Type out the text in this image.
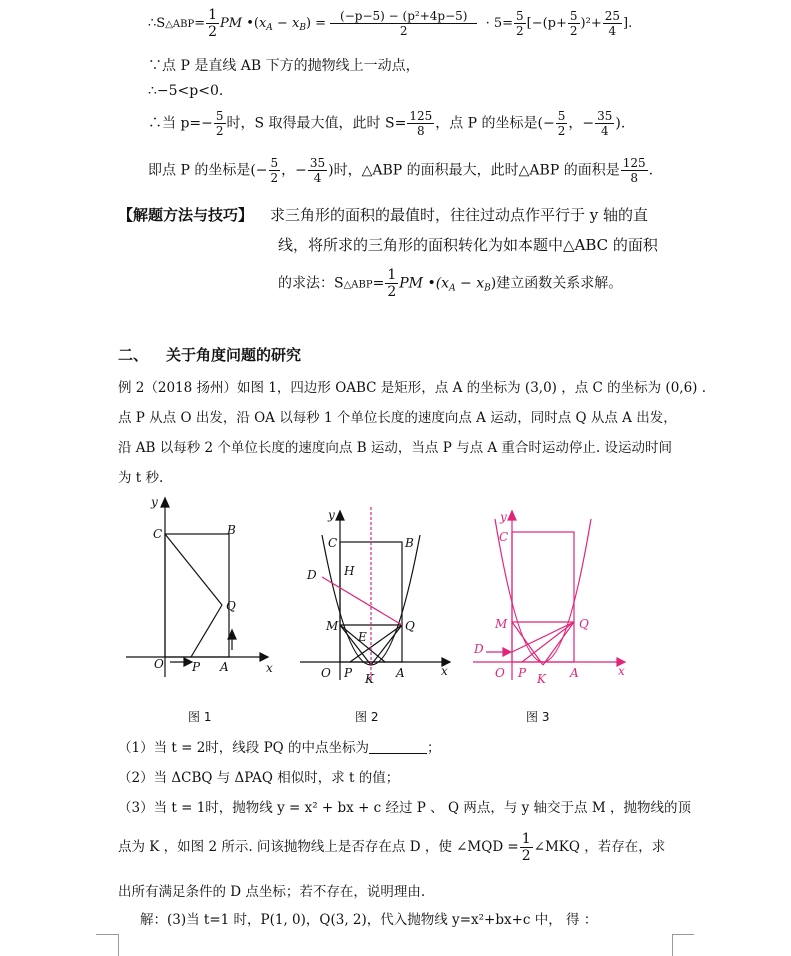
∴S△ABP= $\frac{1}{2}$ PM $•(x_A - x_B) = \frac{\text{(−p−5) − (p²+4p−5)}}{2} \cdot 5= \frac{5}{2} [-(p+ \frac{5}{2} )^2+ \frac{25}{4}$ ].
∵点 P 是直线 AB 下方的抛物线上一动点，
∴−5<p<0.
∴当 $p=- \frac{5}{2}$ 时，S 取得最大值，此时 $S= \frac{125}{8}$ ，点 P 的坐标是(− $\frac{5}{2}$ ，− $\frac{35}{4}$ ).
即点 P 的坐标是(− $\frac{5}{2}$ ，− $\frac{35}{4}$ )时，△ABP 的面积最大，此时△ABP 的面积是 $\frac{125}{8}$ .
【解题方法与技巧】 求三角形的面积的最值时，往往过动点作平行于 y 轴的直
线，将所求的三角形的面积转化为如本题中△ABC 的面积
的求法：S△ABP= $\frac{1}{2}$ PM $•(x_A - x_B)$建立函数关系求解。
二、 关于角度问题的研究
例 2（2018 扬州）如图 1，四边形 OABC 是矩形，点 A 的坐标为 (3,0) ，点 C 的坐标为 (0,6) .
点 P 从点 O 出发，沿 OA 以每秒 1 个单位长度的速度向点 A 运动，同时点 Q 从点 A 出发，
沿 AB 以每秒 2 个单位长度的速度向点 B 运动，当点 P 与点 A 重合时运动停止. 设运动时间
为 t 秒.
y
C	B
Q
O P A	x
图 1
y
C	B
D H
M	Q
E
O P K A	x
图 2
y
C
M	Q
D
O P K A	x
图 3
（1）当 t = 2时，线段 PQ 的中点坐标为	；
（2）当 ΔCBQ 与 ΔPAQ 相似时，求 t 的值；
（3）当 t = 1时，抛物线 y = x² + bx + c 经过 P 、 Q 两点，与 y 轴交于点 M ，抛物线的顶
点为 K ，如图 2 所示. 问该抛物线上是否存在点 D ，使 ∠MQD = $\frac{1}{2}$ ∠MKQ ，若存在，求
出所有满足条件的 D 点坐标；若不存在，说明理由.
解：(3)当 t=1 时，P(1, 0)，Q(3, 2)，代入抛物线 y=x²+bx+c 中， 得 ：
